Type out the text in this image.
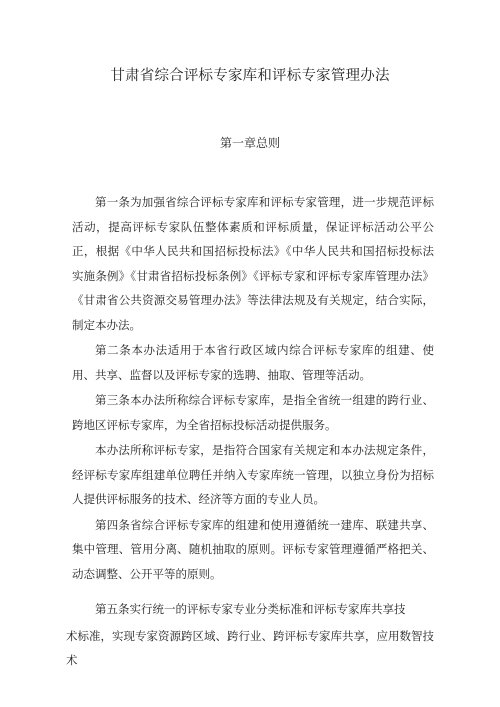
甘肃省综合评标专家库和评标专家管理办法
第一章总则

第一条为加强省综合评标专家库和评标专家管理，进一步规范评标活动，提高评标专家队伍整体素质和评标质量，保证评标活动公平公正，根据《中华人民共和国招标投标法》《中华人民共和国招标投标法实施条例》《甘肃省招标投标条例》《评标专家和评标专家库管理办法》《甘肃省公共资源交易管理办法》等法律法规及有关规定，结合实际，制定本办法。

第二条本办法适用于本省行政区域内综合评标专家库的组建、使用、共享、监督以及评标专家的选聘、抽取、管理等活动。

第三条本办法所称综合评标专家库，是指全省统一组建的跨行业、跨地区评标专家库，为全省招标投标活动提供服务。

本办法所称评标专家，是指符合国家有关规定和本办法规定条件，经评标专家库组建单位聘任并纳入专家库统一管理，以独立身份为招标人提供评标服务的技术、经济等方面的专业人员。

第四条省综合评标专家库的组建和使用遵循统一建库、联建共享、集中管理、管用分离、随机抽取的原则。评标专家管理遵循严格把关、动态调整、公开平等的原则。

第五条实行统一的评标专家专业分类标准和评标专家库共享技

术标准，实现专家资源跨区域、跨行业、跨评标专家库共享，应用数智技术
